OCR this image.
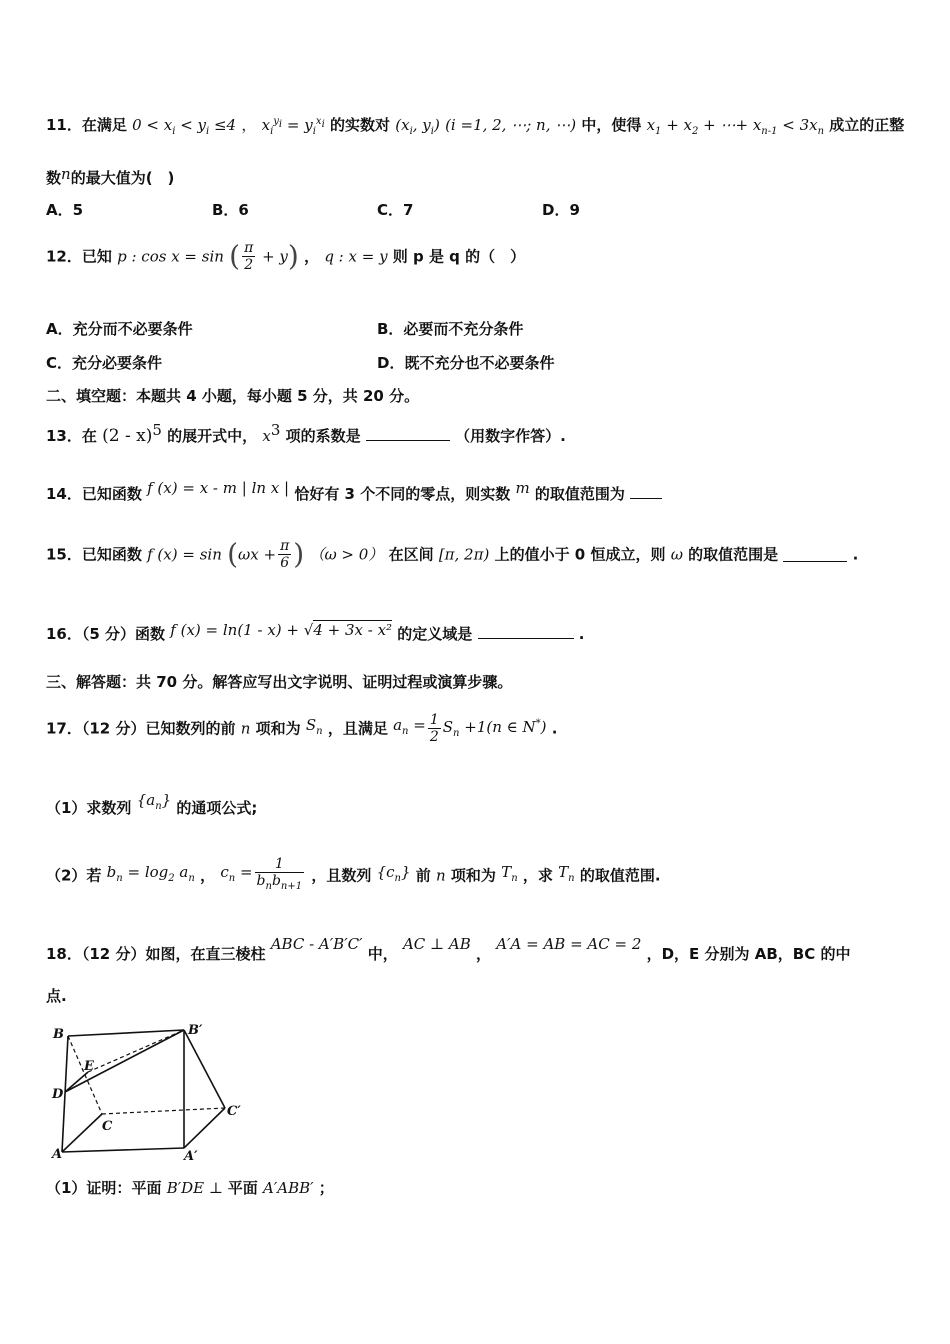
11．在满足 $0 < x_i < y_i \le 4$ ， $x_i^{y_i} = y_i^{x_i}$ 的实数对 ($x_i$, $y_i$) (i =1, 2, ⋯; n, ⋯) 中，使得 $x_1 + x_2$ + ⋯+ $x_{n-1} < 3x_n$ 成立的正整
数n的最大值为(　)
A．5	B．6	C．7	D．9
12．已知 p : cos x = sin ( $\frac{\pi}{2} + y$) ， q : x = y 则 p 是 q 的（　）
A．充分而不必要条件	B．必要而不充分条件
C．充分必要条件	D．既不充分也不必要条件
二、填空题：本题共 4 小题，每小题 5 分，共 20 分。
13．在 (2 - x)$^5$ 的展开式中， $x^3$ 项的系数是	（用数字作答）.
14．已知函数 f (x) = x - m | ln x | 恰好有 3 个不同的零点，则实数 m 的取值范围为
15．已知函数 f $(x) = \sin (\omega x + \frac{\pi}{6}$ ) （ω > 0） 在区间 [π, 2π) 上的值小于 0 恒成立，则 ω 的取值范围是	.
16．（5 分）函数 f (x) = ln(1 - x) + √4 + 3x - x² 的定义域是	.
三、解答题：共 70 分。解答应写出文字说明、证明过程或演算步骤。
17．（12 分）已知数列的前 n 项和为 $S_n$ ，且满足 $a_n = \frac{1}{2} S_n +1(n$ ∈ N*) .
（1）求数列 $\{a_n\}$ 的通项公式;
（2）若 $b_n = \log_2 a_n$ ， $c_n = \frac{1}{b_nb_{n+1}}$ ，且数列 $\{c_n\}$ 前 n 项和为 $T_n$ ，求 $T_n$ 的取值范围.
18．（12 分）如图，在直三棱柱 ABC - A′B′C′ 中， AC ⊥ AB ， A′A = AB = AC = 2 ，D，E 分别为 AB，BC 的中
点.
B	B′
E
D
C
C′
A	A′
（1）证明：平面 B′DE ⊥ 平面 A′ABB′ ；
